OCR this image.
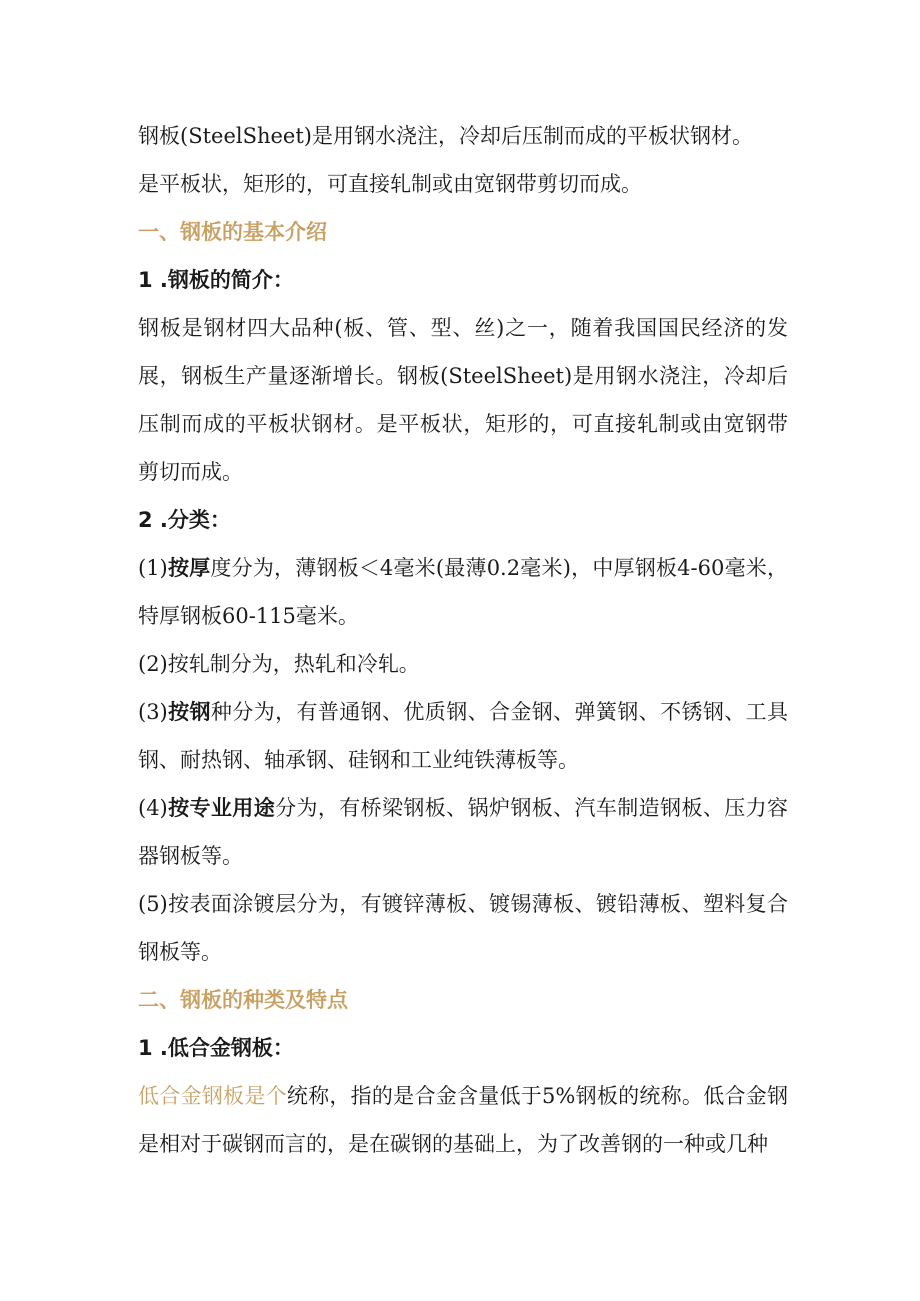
钢板(SteelSheet)是用钢水浇注，冷却后压制而成的平板状钢材。

是平板状，矩形的，可直接轧制或由宽钢带剪切而成。

一、钢板的基本介绍

1 .钢板的简介：

钢板是钢材四大品种(板、管、型、丝)之一，随着我国国民经济的发展，钢板生产量逐渐增长。钢板(SteelSheet)是用钢水浇注，冷却后压制而成的平板状钢材。是平板状，矩形的，可直接轧制或由宽钢带剪切而成。

2 .分类：

(1)按厚度分为，薄钢板＜4毫米(最薄0.2毫米)，中厚钢板4-60毫米，特厚钢板60-115毫米。

(2)按轧制分为，热轧和冷轧。

(3)按钢种分为，有普通钢、优质钢、合金钢、弹簧钢、不锈钢、工具钢、耐热钢、轴承钢、硅钢和工业纯铁薄板等。

(4)按专业用途分为，有桥梁钢板、锅炉钢板、汽车制造钢板、压力容器钢板等。

(5)按表面涂镀层分为，有镀锌薄板、镀锡薄板、镀铅薄板、塑料复合钢板等。

二、钢板的种类及特点

1 .低合金钢板：

低合金钢板是个统称，指的是合金含量低于5%钢板的统称。低合金钢是相对于碳钢而言的，是在碳钢的基础上，为了改善钢的一种或几种
